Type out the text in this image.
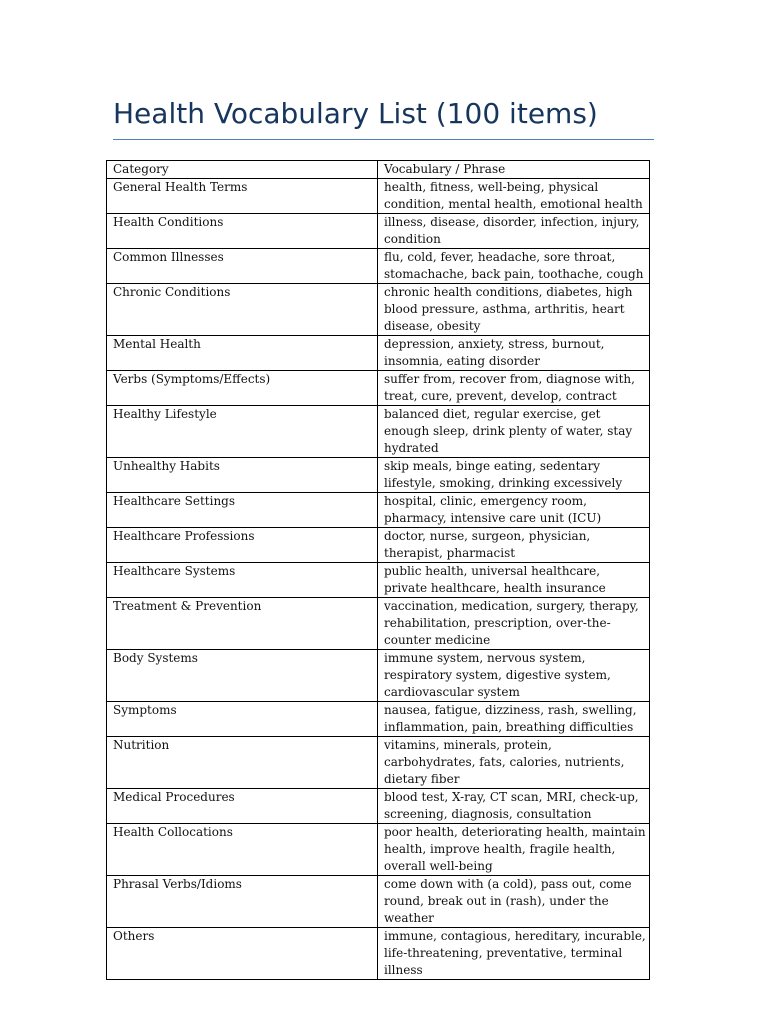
Health Vocabulary List (100 items)
Category	Vocabulary / Phrase
General Health Terms	health, fitness, well-being, physical condition, mental health, emotional health
Health Conditions	illness, disease, disorder, infection, injury, condition
Common Illnesses	flu, cold, fever, headache, sore throat, stomachache, back pain, toothache, cough
Chronic Conditions	chronic health conditions, diabetes, high blood pressure, asthma, arthritis, heart disease, obesity
Mental Health	depression, anxiety, stress, burnout, insomnia, eating disorder
Verbs (Symptoms/Effects)	suffer from, recover from, diagnose with, treat, cure, prevent, develop, contract
Healthy Lifestyle	balanced diet, regular exercise, get enough sleep, drink plenty of water, stay hydrated
Unhealthy Habits	skip meals, binge eating, sedentary lifestyle, smoking, drinking excessively
Healthcare Settings	hospital, clinic, emergency room, pharmacy, intensive care unit (ICU)
Healthcare Professions	doctor, nurse, surgeon, physician, therapist, pharmacist
Healthcare Systems	public health, universal healthcare, private healthcare, health insurance
Treatment & Prevention	vaccination, medication, surgery, therapy, rehabilitation, prescription, over-the-counter medicine
Body Systems	immune system, nervous system, respiratory system, digestive system, cardiovascular system
Symptoms	nausea, fatigue, dizziness, rash, swelling, inflammation, pain, breathing difficulties
Nutrition	vitamins, minerals, protein, carbohydrates, fats, calories, nutrients, dietary fiber
Medical Procedures	blood test, X-ray, CT scan, MRI, check-up, screening, diagnosis, consultation
Health Collocations	poor health, deteriorating health, maintain health, improve health, fragile health, overall well-being
Phrasal Verbs/Idioms	come down with (a cold), pass out, come round, break out in (rash), under the weather
Others	immune, contagious, hereditary, incurable, life-threatening, preventative, terminal illness
